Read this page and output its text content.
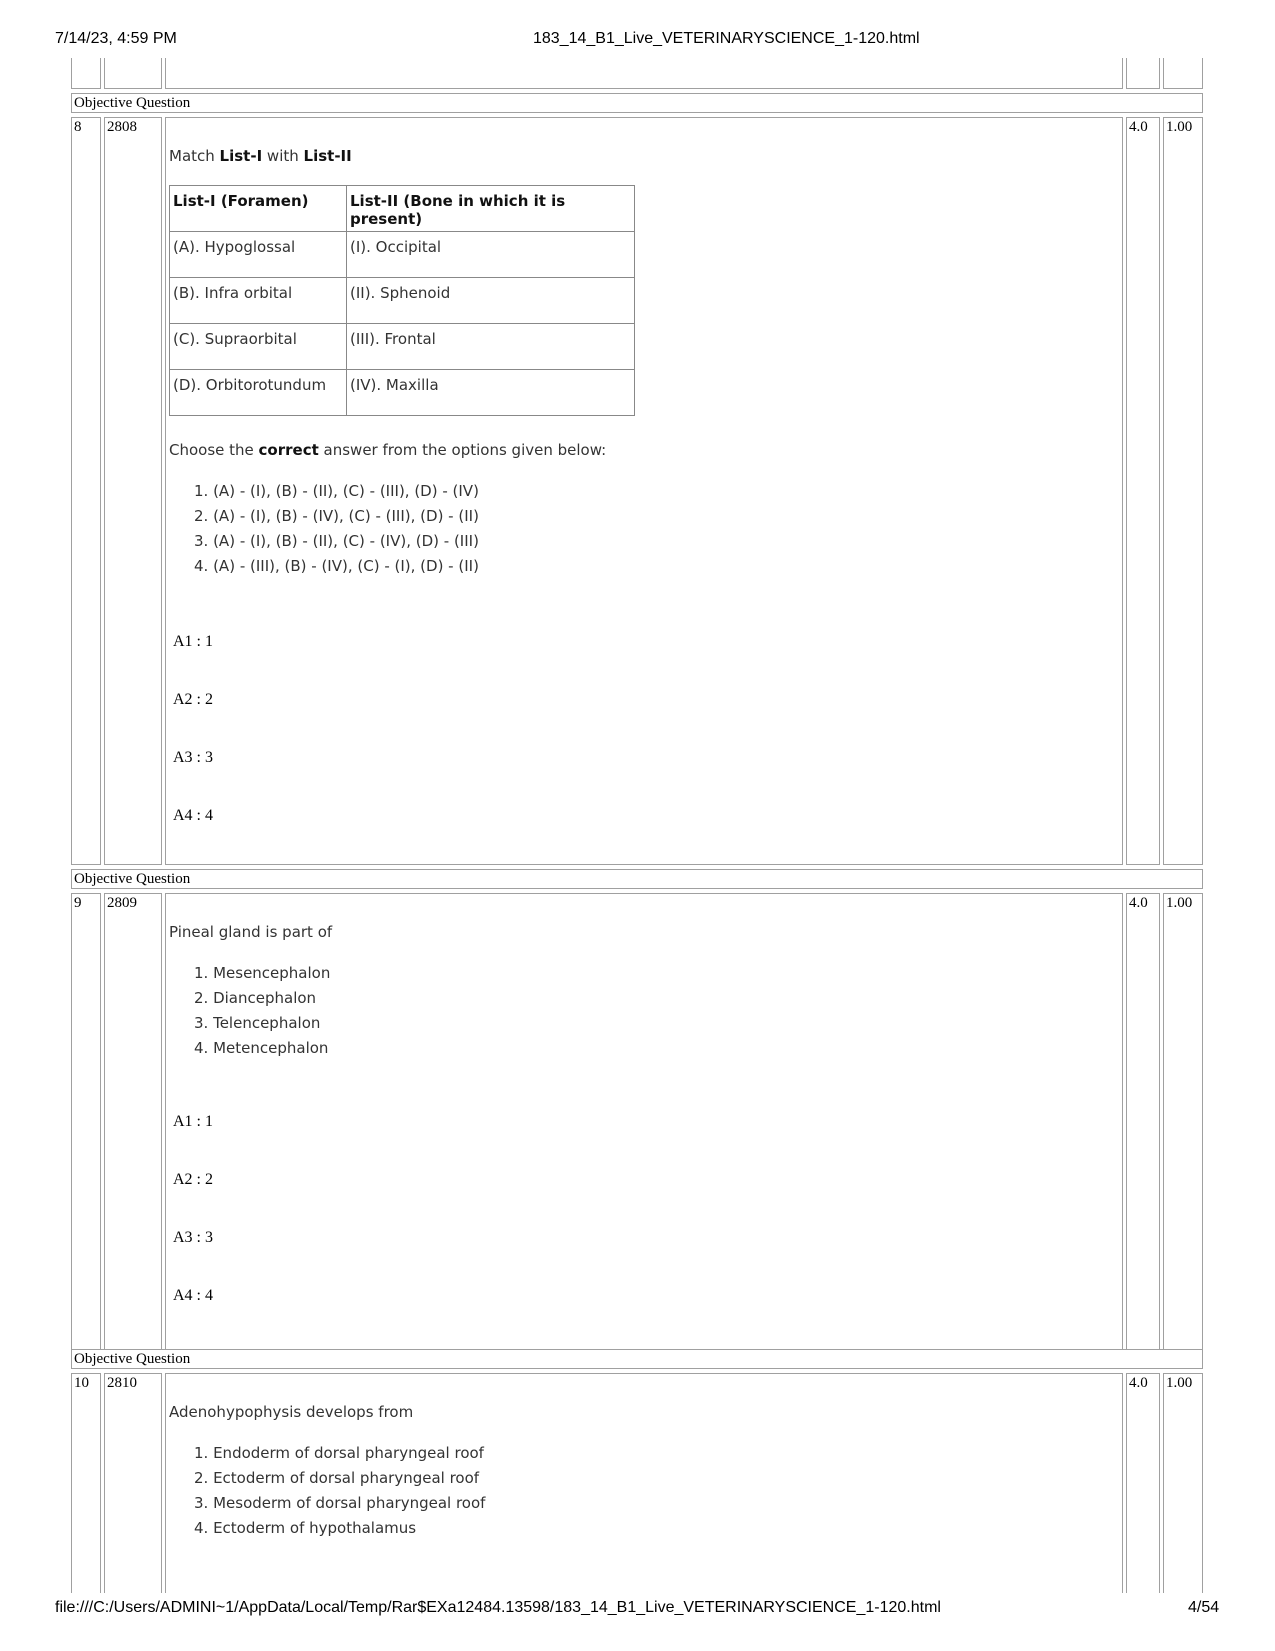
7/14/23, 4:59 PM	183_14_B1_Live_VETERINARYSCIENCE_1-120.html
Objective Question
8	2808	4.0	1.00
Match List-I with List-II
List-I (Foramen)	List-II (Bone in which it is present)
(A). Hypoglossal	(I). Occipital
(B). Infra orbital	(II). Sphenoid
(C). Supraorbital	(III). Frontal
(D). Orbitorotundum	(IV). Maxilla
Choose the correct answer from the options given below:
1. (A) - (I), (B) - (II), (C) - (III), (D) - (IV)
2. (A) - (I), (B) - (IV), (C) - (III), (D) - (II)
3. (A) - (I), (B) - (II), (C) - (IV), (D) - (III)
4. (A) - (III), (B) - (IV), (C) - (I), (D) - (II)
A1 : 1
A2 : 2
A3 : 3
A4 : 4
Objective Question
9	2809	4.0	1.00
Pineal gland is part of
1. Mesencephalon
2. Diancephalon
3. Telencephalon
4. Metencephalon
A1 : 1
A2 : 2
A3 : 3
A4 : 4
Objective Question
10	2810	4.0	1.00
Adenohypophysis develops from
1. Endoderm of dorsal pharyngeal roof
2. Ectoderm of dorsal pharyngeal roof
3. Mesoderm of dorsal pharyngeal roof
4. Ectoderm of hypothalamus
file:///C:/Users/ADMINI~1/AppData/Local/Temp/Rar$EXa12484.13598/183_14_B1_Live_VETERINARYSCIENCE_1-120.html	4/54
